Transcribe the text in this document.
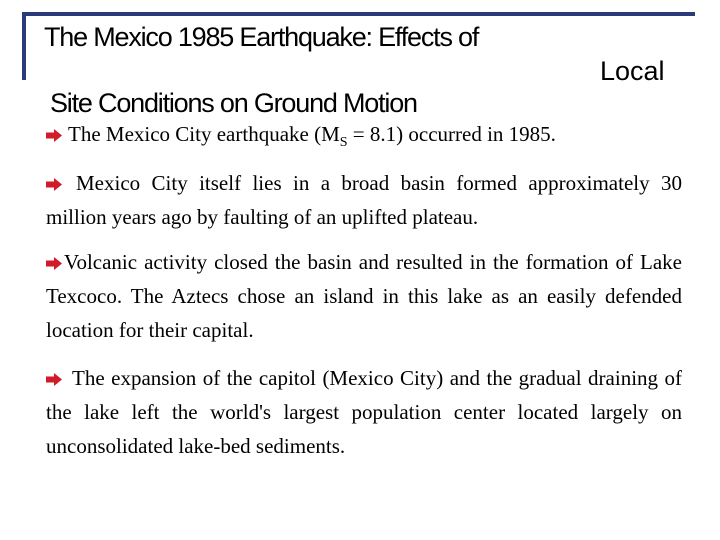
The Mexico 1985 Earthquake: Effects of
Local
Site Conditions on Ground Motion
The Mexico City earthquake $(M_S = 8.1)$ occurred in 1985.
Mexico City itself lies in a broad basin formed approximately 30 million years ago by faulting of an uplifted plateau.
Volcanic activity closed the basin and resulted in the formation of Lake Texcoco. The Aztecs chose an island in this lake as an easily defended location for their capital.
The expansion of the capitol (Mexico City) and the gradual draining of the lake left the world's largest population center located largely on unconsolidated lake-bed sediments.
